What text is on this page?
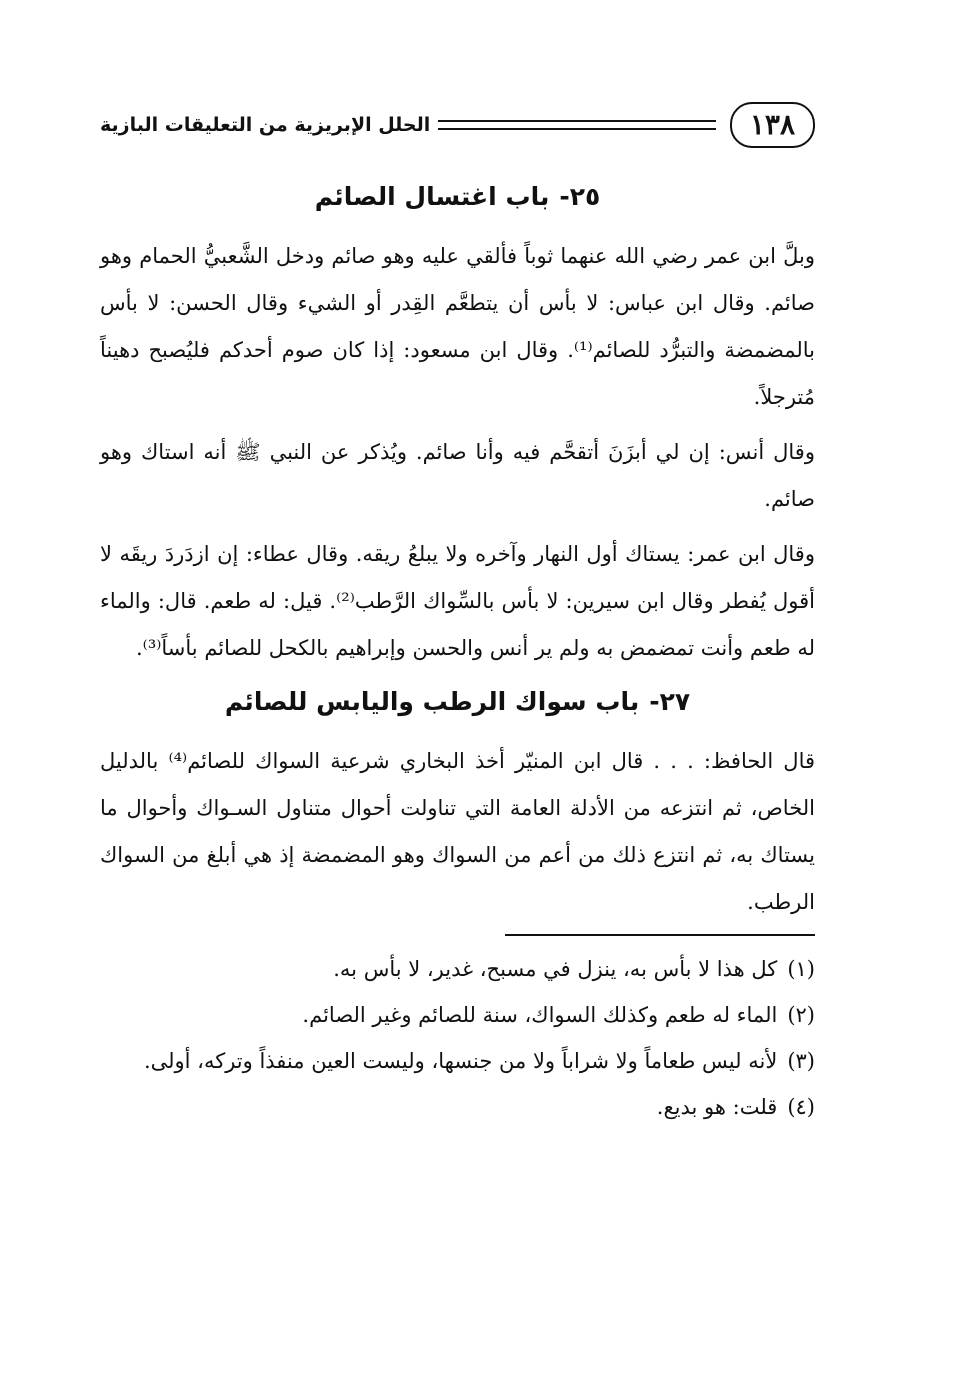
١٣٨
الحلل الإبريزية من التعليقات البازية
٢٥-باب اغتسال الصائم

وبلَّ ابن عمر رضي الله عنهما ثوباً فألقي عليه وهو صائم ودخل الشَّعبيُّ الحمام وهو صائم. وقال ابن عباس: لا بأس أن يتطعَّم القِدر أو الشيء وقال الحسن: لا بأس بالمضمضة والتبرُّد للصائم⁽¹⁾. وقال ابن مسعود: إذا كان صوم أحدكم فليُصبح دهيناً مُترجلاً.

وقال أنس: إن لي أبزَنَ أتقحَّم فيه وأنا صائم. ويُذكر عن النبي ﷺ أنه استاك وهو صائم.

وقال ابن عمر: يستاك أول النهار وآخره ولا يبلعُ ريقه. وقال عطاء: إن ازدَردَ ريقَه لا أقول يُفطر وقال ابن سيرين: لا بأس بالسِّواك الرَّطب⁽²⁾. قيل: له طعم. قال: والماء له طعم وأنت تمضمض به ولم ير أنس والحسن وإبراهيم بالكحل للصائم بأساً⁽³⁾.

٢٧-باب سواك الرطب واليابس للصائم

قال الحافظ: . . . قال ابن المنيّر أخذ البخاري شرعية السواك للصائم⁽⁴⁾ بالدليل الخاص، ثم انتزعه من الأدلة العامة التي تناولت أحوال متناول السـواك وأحوال ما يستاك به، ثم انتزع ذلك من أعم من السواك وهو المضمضة إذ هي أبلغ من السواك الرطب.

(١)
كل هذا لا بأس به، ينزل في مسبح، غدير، لا بأس به.
(٢)
الماء له طعم وكذلك السواك، سنة للصائم وغير الصائم.
(٣)
لأنه ليس طعاماً ولا شراباً ولا من جنسها، وليست العين منفذاً وتركه، أولى.
(٤)
قلت: هو بديع.
